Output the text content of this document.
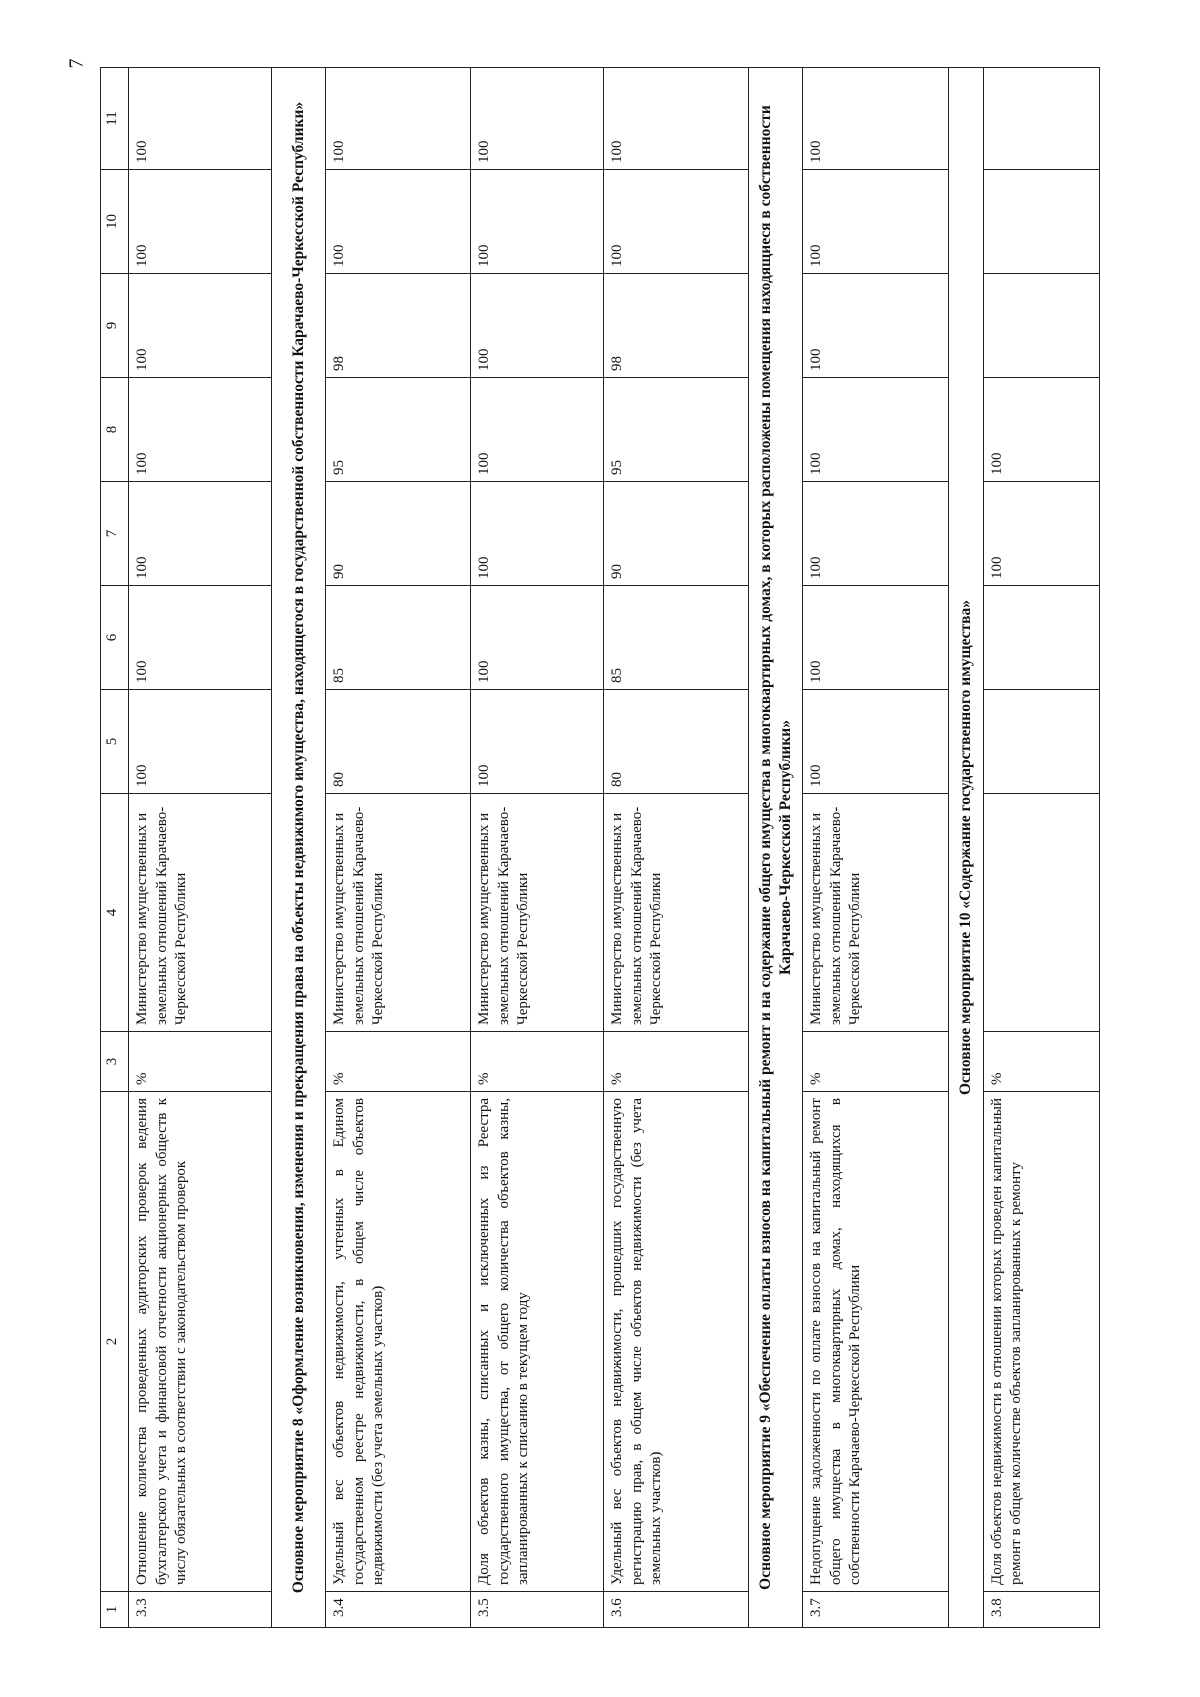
7
1	2	3	4	5	6	7	8	9	10	11
3.3	Отношение количества проведенных аудиторских проверок ведения бухгалтерского учета и финансовой отчетности акционерных обществ к числу обязательных в соответствии с законодательством проверок	%	Министерство имущественных и земельных отношений Карачаево-Черкесской Республики	100	100	100	100	100	100	100
Основное мероприятие 8 «Оформление возникновения, изменения и прекращения права на объекты недвижимого имущества, находящегося в государственной собственности Карачаево-Черкесской Республики»										
3.4	Удельный вес объектов недвижимости, учтенных в Едином государственном реестре недвижимости, в общем числе объектов недвижимости (без учета земельных участков)	%	Министерство имущественных и земельных отношений Карачаево-Черкесской Республики	80	85	90	95	98	100	100
3.5	Доля объектов казны, списанных и исключенных из Реестра государственного имущества, от общего количества объектов казны, запланированных к списанию в текущем году	%	Министерство имущественных и земельных отношений Карачаево-Черкесской Республики	100	100	100	100	100	100	100
3.6	Удельный вес объектов недвижимости, прошедших государственную регистрацию прав, в общем числе объектов недвижимости (без учета земельных участков)	%	Министерство имущественных и земельных отношений Карачаево-Черкесской Республики	80	85	90	95	98	100	100
Основное мероприятие 9 «Обеспечение оплаты взносов на капитальный ремонт и на содержание общего имущества в многоквартирных домах, в которых расположены помещения находящиеся в собственности Карачаево-Черкесской Республики»										
3.7	Недопущение задолженности по оплате взносов на капитальный ремонт общего имущества в многоквартирных домах, находящихся в собственности Карачаево-Черкесской Республики	%	Министерство имущественных и земельных отношений Карачаево-Черкесской Республики	100	100	100	100	100	100	100
Основное мероприятие 10 «Содержание государственного имущества»										
3.8	Доля объектов недвижимости в отношении которых проведен капитальный ремонт в общем количестве объектов запланированных к ремонту	%				100	100			
